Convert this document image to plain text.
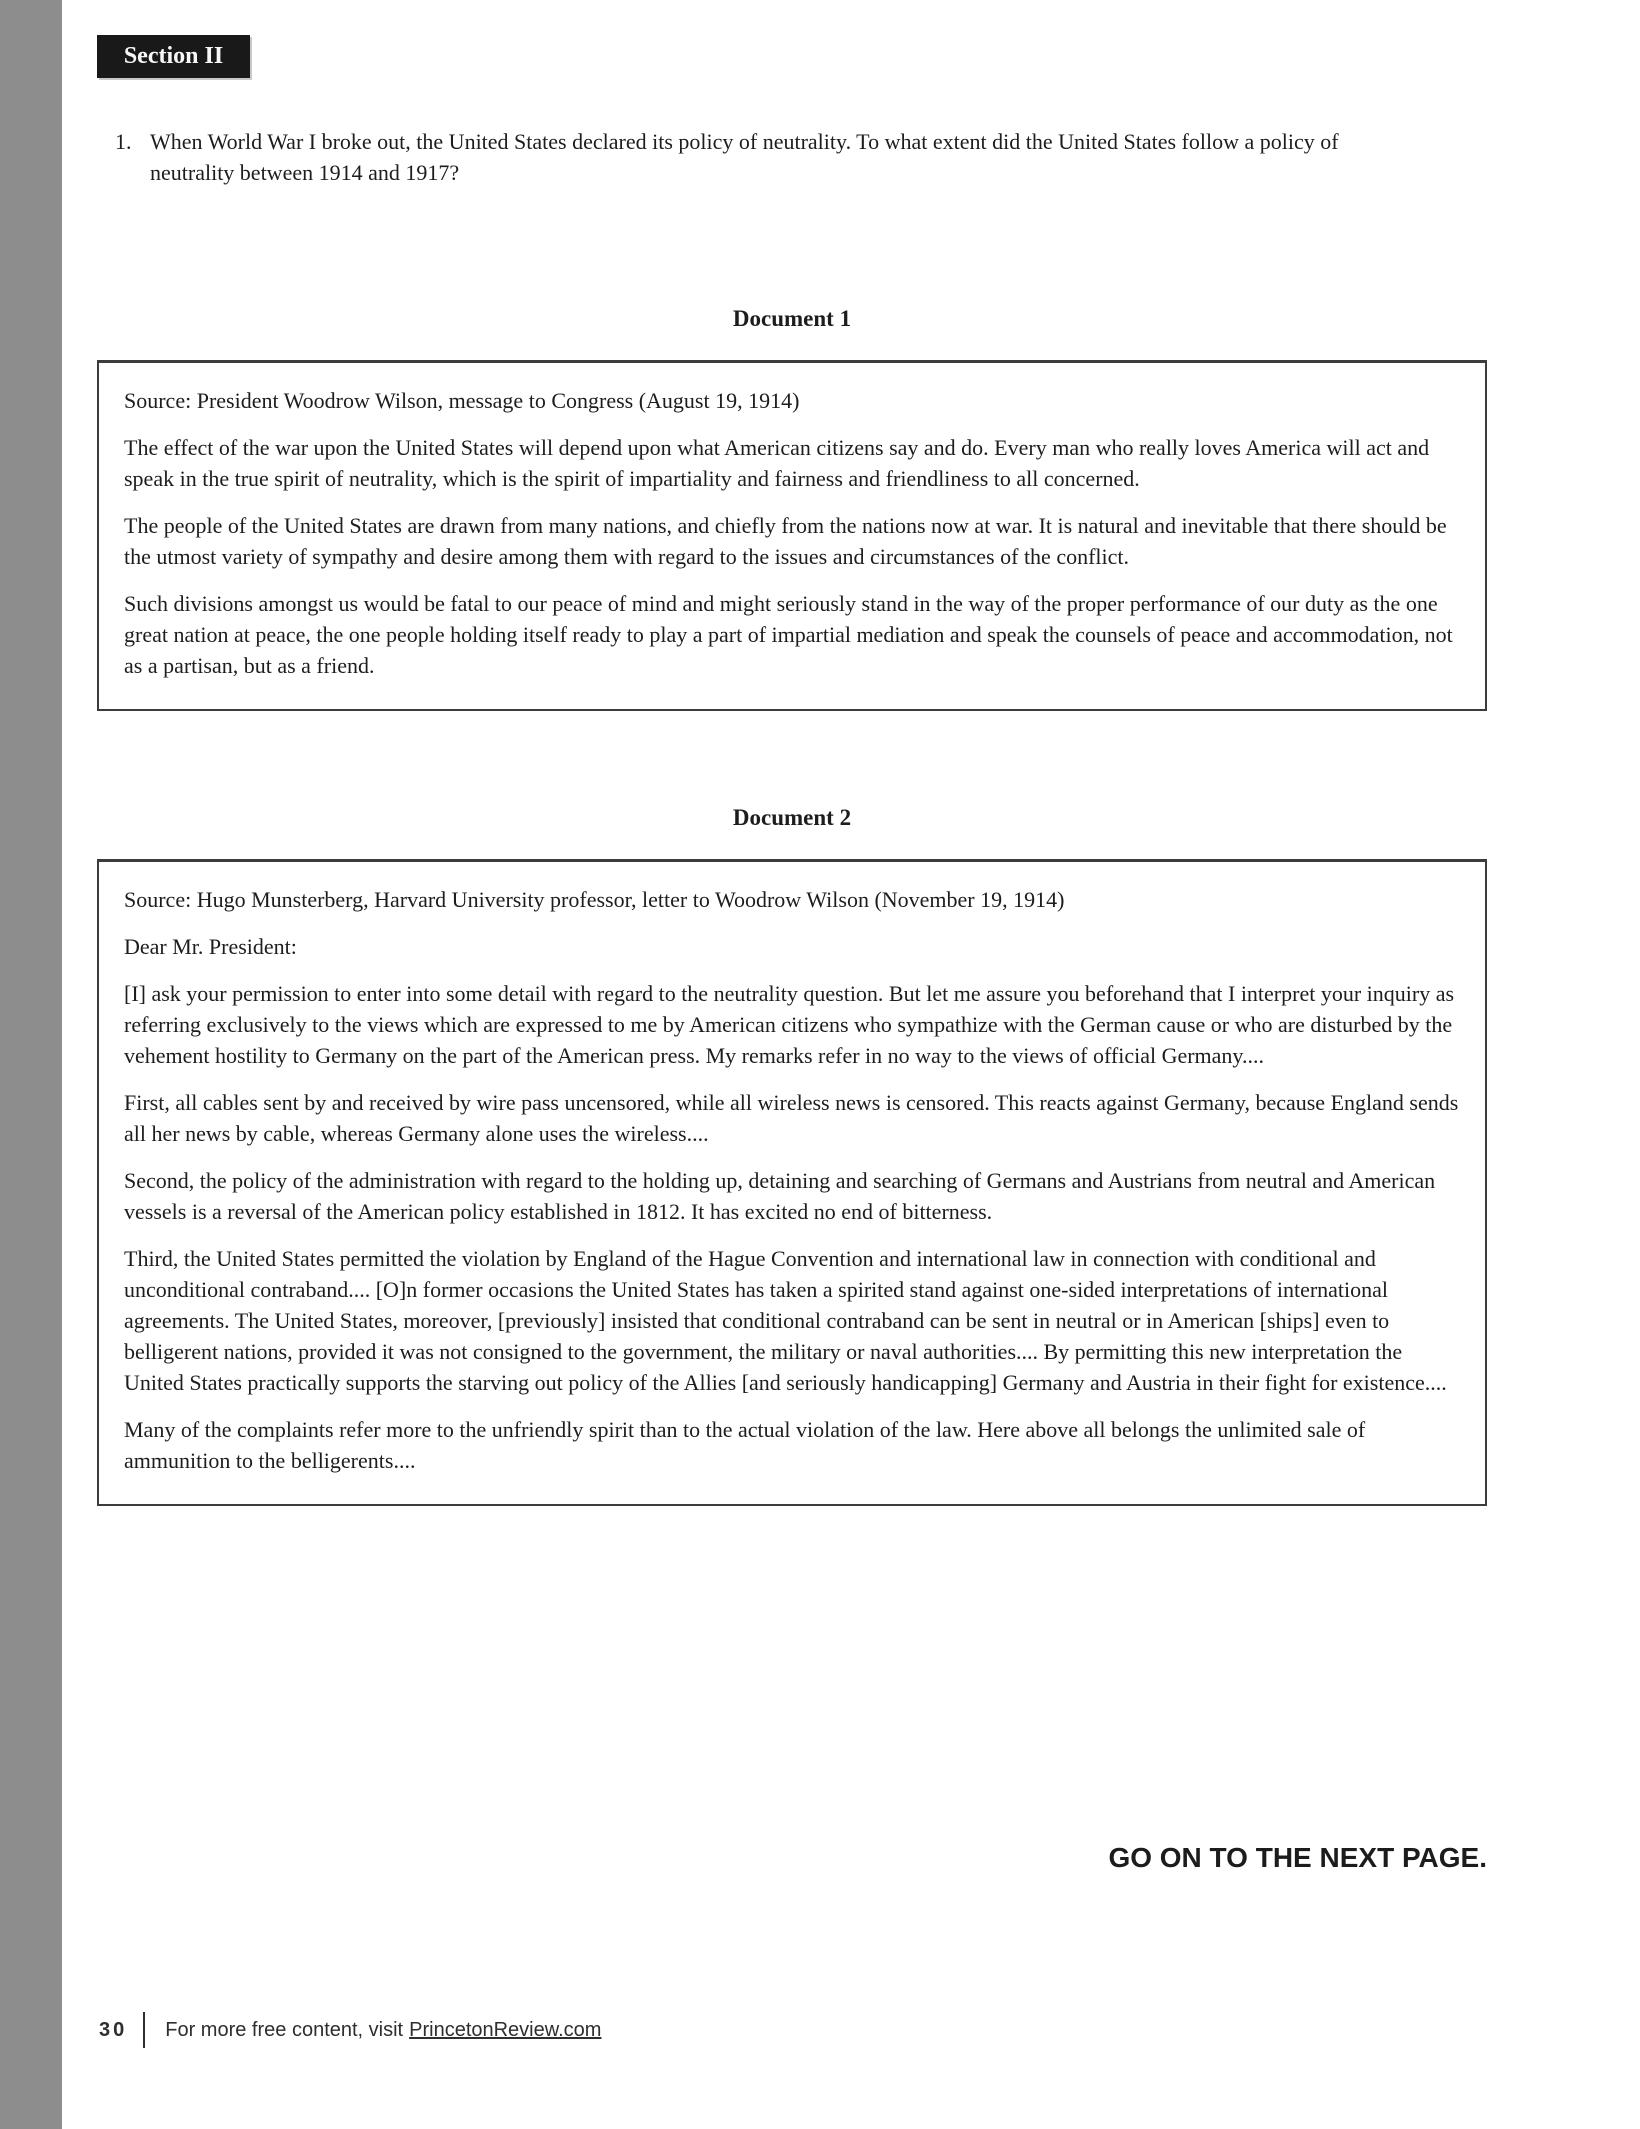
Section II
1. When World War I broke out, the United States declared its policy of neutrality. To what extent did the United States follow a policy of neutrality between 1914 and 1917?
Document 1

Source: President Woodrow Wilson, message to Congress (August 19, 1914)

The effect of the war upon the United States will depend upon what American citizens say and do. Every man who really loves America will act and speak in the true spirit of neutrality, which is the spirit of impartiality and fairness and friendliness to all concerned.

The people of the United States are drawn from many nations, and chiefly from the nations now at war. It is natural and inevitable that there should be the utmost variety of sympathy and desire among them with regard to the issues and circumstances of the conflict.

Such divisions amongst us would be fatal to our peace of mind and might seriously stand in the way of the proper performance of our duty as the one great nation at peace, the one people holding itself ready to play a part of impartial mediation and speak the counsels of peace and accommodation, not as a partisan, but as a friend.

Document 2

Source: Hugo Munsterberg, Harvard University professor, letter to Woodrow Wilson (November 19, 1914)

Dear Mr. President:

[I] ask your permission to enter into some detail with regard to the neutrality question. But let me assure you beforehand that I interpret your inquiry as referring exclusively to the views which are expressed to me by American citizens who sympathize with the German cause or who are disturbed by the vehement hostility to Germany on the part of the American press. My remarks refer in no way to the views of official Germany....

First, all cables sent by and received by wire pass uncensored, while all wireless news is censored. This reacts against Germany, because England sends all her news by cable, whereas Germany alone uses the wireless....

Second, the policy of the administration with regard to the holding up, detaining and searching of Germans and Austrians from neutral and American vessels is a reversal of the American policy established in 1812. It has excited no end of bitterness.

Third, the United States permitted the violation by England of the Hague Convention and international law in connection with conditional and unconditional contraband.... [O]n former occasions the United States has taken a spirited stand against one-sided interpretations of international agreements. The United States, moreover, [previously] insisted that conditional contraband can be sent in neutral or in American [ships] even to belligerent nations, provided it was not consigned to the government, the military or naval authorities.... By permitting this new interpretation the United States practically supports the starving out policy of the Allies [and seriously handicapping] Germany and Austria in their fight for existence....

Many of the complaints refer more to the unfriendly spirit than to the actual violation of the law. Here above all belongs the unlimited sale of ammunition to the belligerents....

GO ON TO THE NEXT PAGE.
30 For more free content, visit PrincetonReview.com
